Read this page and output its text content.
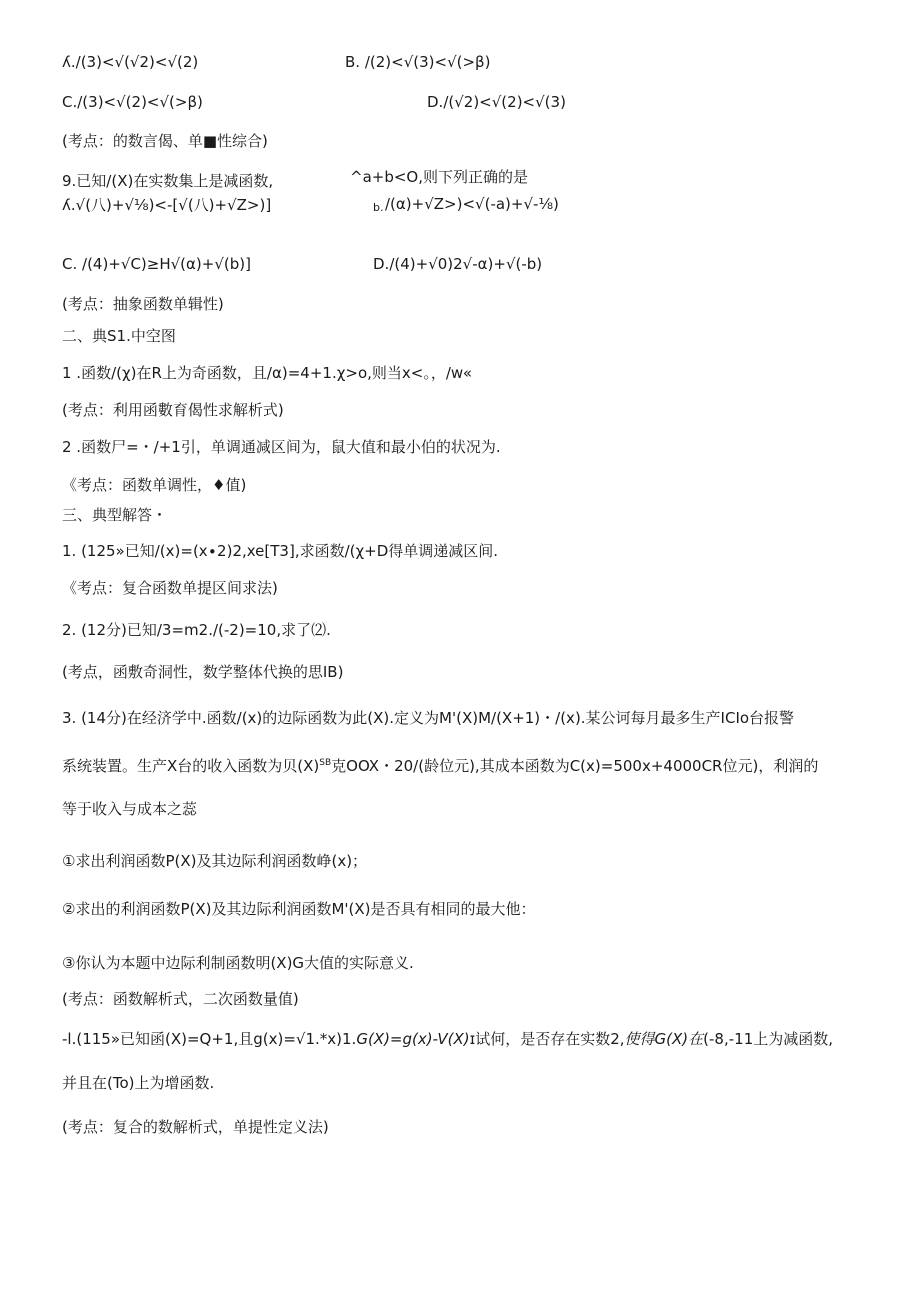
ʎ./(3)<√(√2)<√(2)	B. /(2)<√(3)<√(>β)
C./(3)<√(2)<√(>β)	D./(√2)<√(2)<√(3)
(考点：的数言偈、单■性综合)
9.已知/(X)在实数集上是减函数,	^a+b<O,则下列正确的是
ʎ.√(八)+√⅛)<-[√(八)+√Z>)]	b. /(α)+√Z>)<√(-a)+√-⅛)
C. /(4)+√C)≥H√(α)+√(b)]	D./(4)+√0)2√-α)+√(-b)
(考点：抽象函数单辑性)
二、典S1.中空图
1 .函数/(χ)在R上为奇函数，且/α)=4+1.χ>o,则当x<。，/w«
(考点：利用函數育偈性求解析式)
2 .函数尸=・/+1引，单调通减区间为，鼠大值和最小伯的状况为.
《考点：函数单调性，♦值)
三、典型解答・
1. (125»已知/(x)=(x∙2)2,xe[T3],求函数/(χ+D得单调递减区间.
《考点：复合函数单提区间求法)
2. (12分)已知/3=m2./(-2)=10,求了⑵.
(考点，函敷奇洞性，数学整体代换的思IB)
3. (14分)在经济学中.函数/(x)的边际函数为此(X).定义为M'(X)M/(X+1)・/(x).某公诃每月最多生产ICIo台报警
系统装置。生产X台的收入函数为贝$(X)^{SB}$克OOX・20/(龄位元),其成本函数为C(x)=500x+4000CR位元)，利润的
等于收入与成本之蕊
①求出利润函数P(X)及其边际利润函数峥(x)；
②求出的利润函数P(X)及其边际利润函数M'(X)是否具有相同的最大他：
③你认为本题中边际利制函数明(X)G大值的实际意义.
(考点：函数解析式，二次函数量值)
-l.(115»已知函(X)=Q+1,且g(x)=√1.*x)1.G(X)=g(x)-V(X)ɪ试何，是否存在实数2,使得G(X)在(-8,-11上为减函数,
并且在(To)上为增函数.
(考点：复合的数解析式，单提性定义法)
